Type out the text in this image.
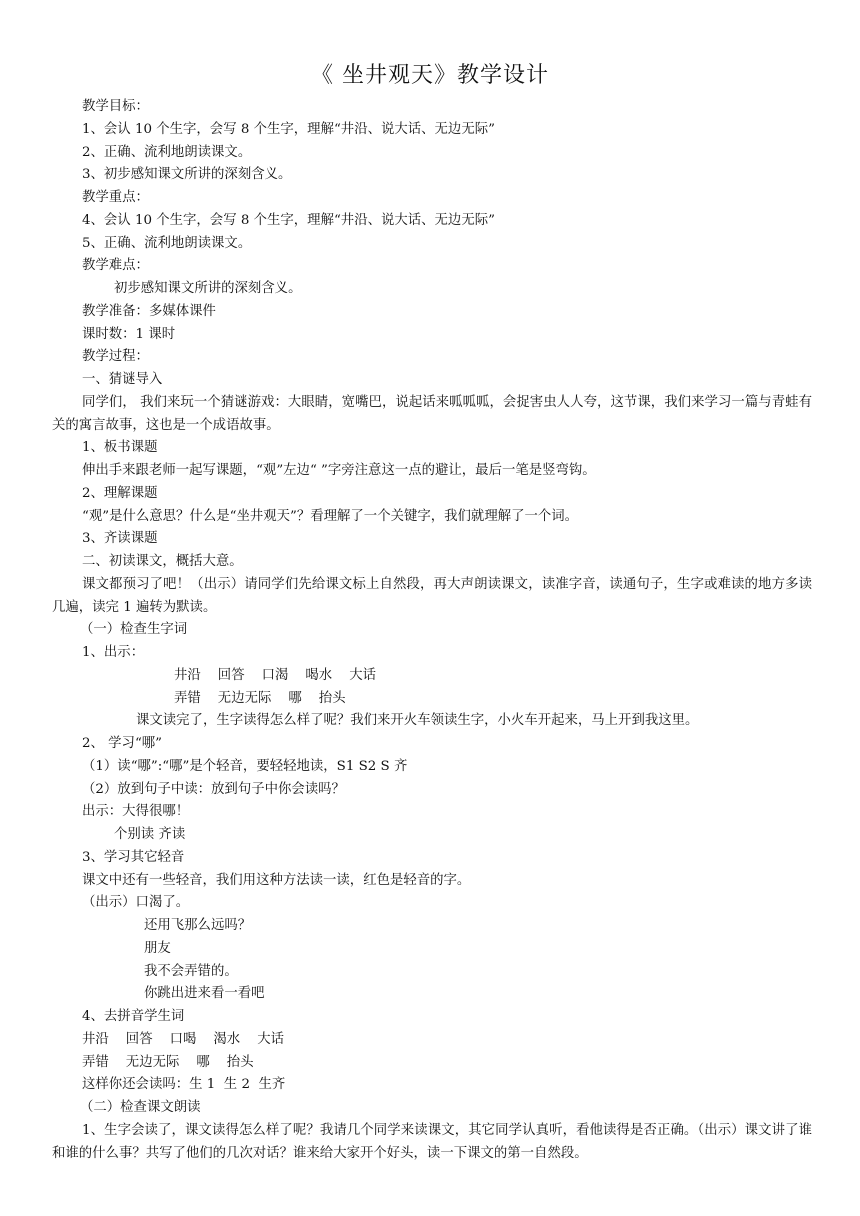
《 坐井观天》教学设计

教学目标：

1、会认 10 个生字，会写 8 个生字，理解“井沿、说大话、无边无际”

2、正确、流利地朗读课文。

3、初步感知课文所讲的深刻含义。

教学重点：

4、会认 10 个生字，会写 8 个生字，理解“井沿、说大话、无边无际”

5、正确、流利地朗读课文。

教学难点：

初步感知课文所讲的深刻含义。

教学准备：多媒体课件

课时数：1 课时

教学过程：

一、猜谜导入

同学们， 我们来玩一个猜谜游戏：大眼睛，宽嘴巴，说起话来呱呱呱，会捉害虫人人夸，这节课，我们来学习一篇与青蛙有关的寓言故事，这也是一个成语故事。

1、板书课题

伸出手来跟老师一起写课题，“观”左边“ ”字旁注意这一点的避让，最后一笔是竖弯钩。

2、理解课题

“观”是什么意思？什么是“坐井观天”？看理解了一个关键字，我们就理解了一个词。

3、齐读课题

二、初读课文，概括大意。

课文都预习了吧！（出示）请同学们先给课文标上自然段，再大声朗读课文，读准字音，读通句子，生字或难读的地方多读几遍，读完 1 遍转为默读。

（一）检查生字词

1、出示：

井沿    回答    口渴    喝水    大话

弄错    无边无际    哪    抬头

课文读完了，生字读得怎么样了呢？我们来开火车领读生字，小火车开起来，马上开到我这里。

2、 学习“哪”

（1）读“哪”:“哪”是个轻音，要轻轻地读，S1 S2 S 齐

（2）放到句子中读：放到句子中你会读吗？

出示：大得很哪！

个别读 齐读

3、学习其它轻音

课文中还有一些轻音，我们用这种方法读一读，红色是轻音的字。

（出示）口渴了。

还用飞那么远吗？

朋友

我不会弄错的。

你跳出进来看一看吧

4、去拼音学生词

井沿    回答    口喝    渴水    大话

弄错    无边无际    哪    抬头

这样你还会读吗：生 1  生 2  生齐

（二）检查课文朗读

1、生字会读了，课文读得怎么样了呢？我请几个同学来读课文，其它同学认真听，看他读得是否正确。（出示）课文讲了谁和谁的什么事？共写了他们的几次对话？谁来给大家开个好头，读一下课文的第一自然段。
